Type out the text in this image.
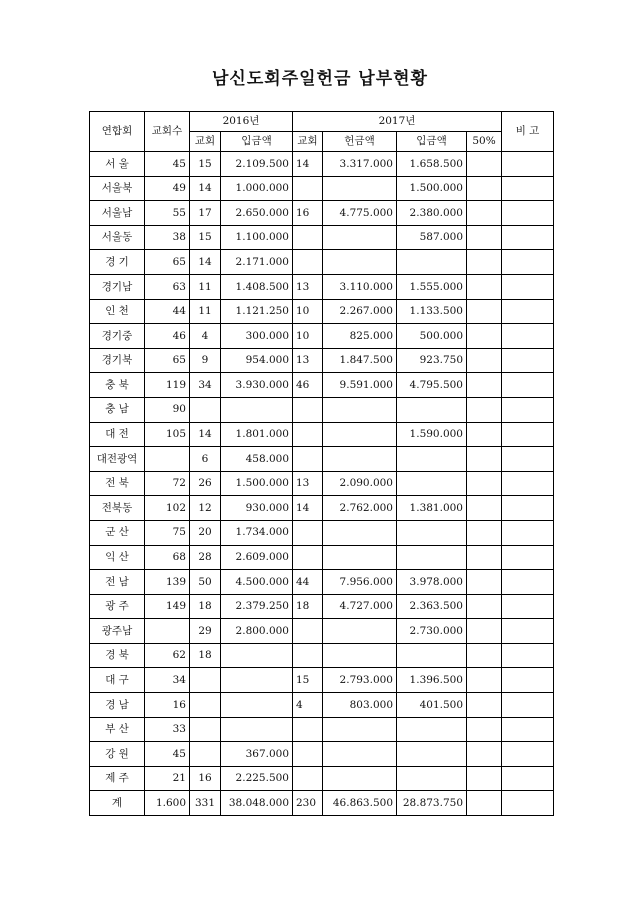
남신도회주일헌금 납부현황
연합회	교회수	2016년		2017년				비 고
		교회	입금액	교회	헌금액	입금액	50%	
서 울	45	15	2.109.500	14	3.317.000	1.658.500		
서울북	49	14	1.000.000			1.500.000		
서울남	55	17	2.650.000	16	4.775.000	2.380.000		
서울동	38	15	1.100.000			587.000		
경 기	65	14	2.171.000					
경기남	63	11	1.408.500	13	3.110.000	1.555.000		
인 천	44	11	1.121.250	10	2.267.000	1.133.500		
경기중	46	4	300.000	10	825.000	500.000		
경기북	65	9	954.000	13	1.847.500	923.750		
충 북	119	34	3.930.000	46	9.591.000	4.795.500		
충 남	90							
대 전	105	14	1.801.000			1.590.000		
대전광역		6	458.000					
전 북	72	26	1.500.000	13	2.090.000			
전북동	102	12	930.000	14	2.762.000	1.381.000		
군 산	75	20	1.734.000					
익 산	68	28	2.609.000					
전 남	139	50	4.500.000	44	7.956.000	3.978.000		
광 주	149	18	2.379.250	18	4.727.000	2.363.500		
광주남		29	2.800.000			2.730.000		
경 북	62	18						
대 구	34			15	2.793.000	1.396.500		
경 남	16			4	803.000	401.500		
부 산	33							
강 원	45		367.000					
제 주	21	16	2.225.500					
계	1.600	331	38.048.000	230	46.863.500	28.873.750		
